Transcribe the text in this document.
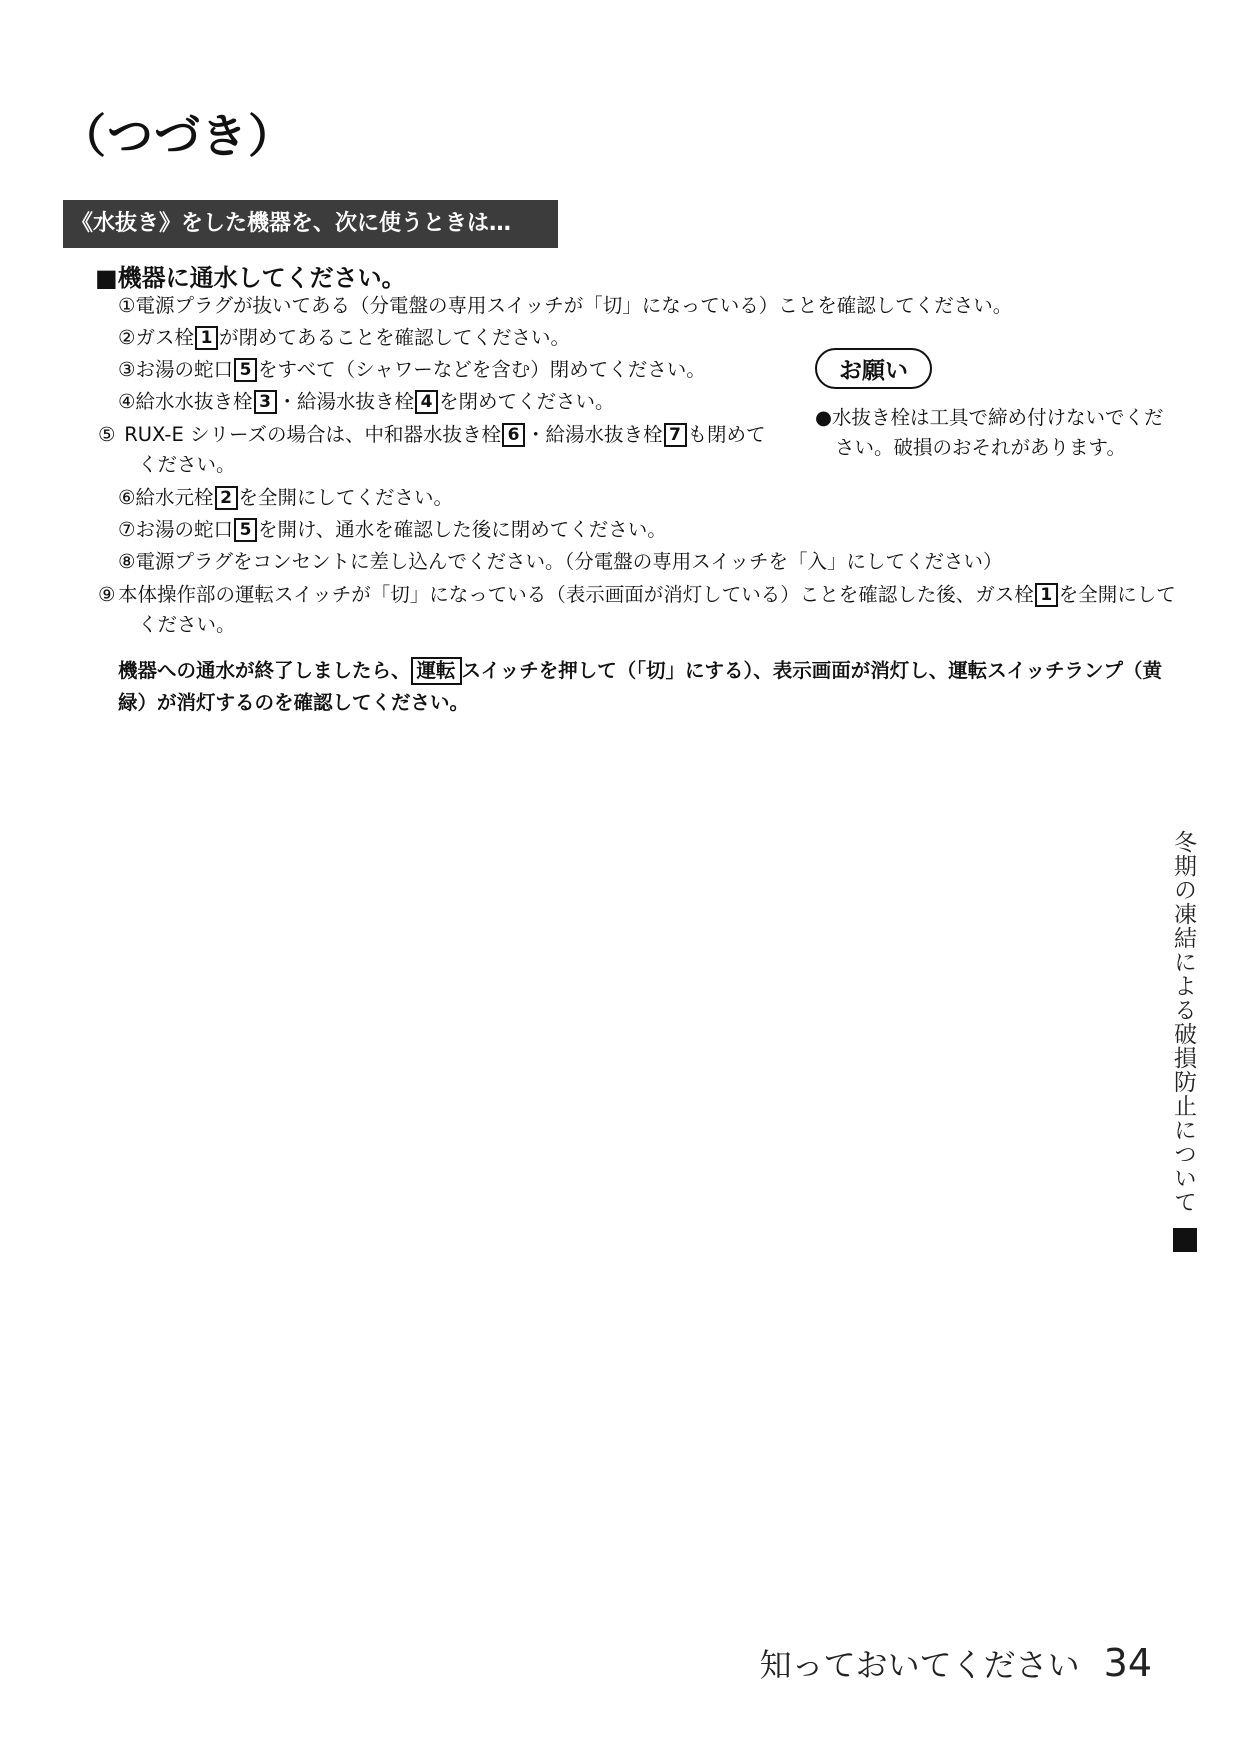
（つづき）
《水抜き》をした機器を、次に使うときは…
■機器に通水してください。
①電源プラグが抜いてある（分電盤の専用スイッチが「切」になっている）ことを確認してください。
②ガス栓 1 が閉めてあることを確認してください。
③お湯の蛇口 5 をすべて（シャワーなどを含む）閉めてください。
④給水水抜き栓 3 ・給湯水抜き栓 4 を閉めてください。
⑤ RUX-E シリーズの場合は、中和器水抜き栓 6 ・給湯水抜き栓 7 も閉めてください。
⑥給水元栓 2 を全開にしてください。
⑦お湯の蛇口 5 を開け、通水を確認した後に閉めてください。
⑧電源プラグをコンセントに差し込んでください。（分電盤の専用スイッチを「入」にしてください）
⑨ 本体操作部の運転スイッチが「切」になっている（表示画面が消灯している）ことを確認した後、ガス栓 1 を全開にしてください。
お願い
●水抜き栓は工具で締め付けないでください。破損のおそれがあります。
機器への通水が終了しましたら、 運転 スイッチを押して（「切」にする）、表示画面が消灯し、運転スイッチランプ（黄緑）が消灯するのを確認してください。
冬期の凍結による破損防止について
知っておいてください 34
